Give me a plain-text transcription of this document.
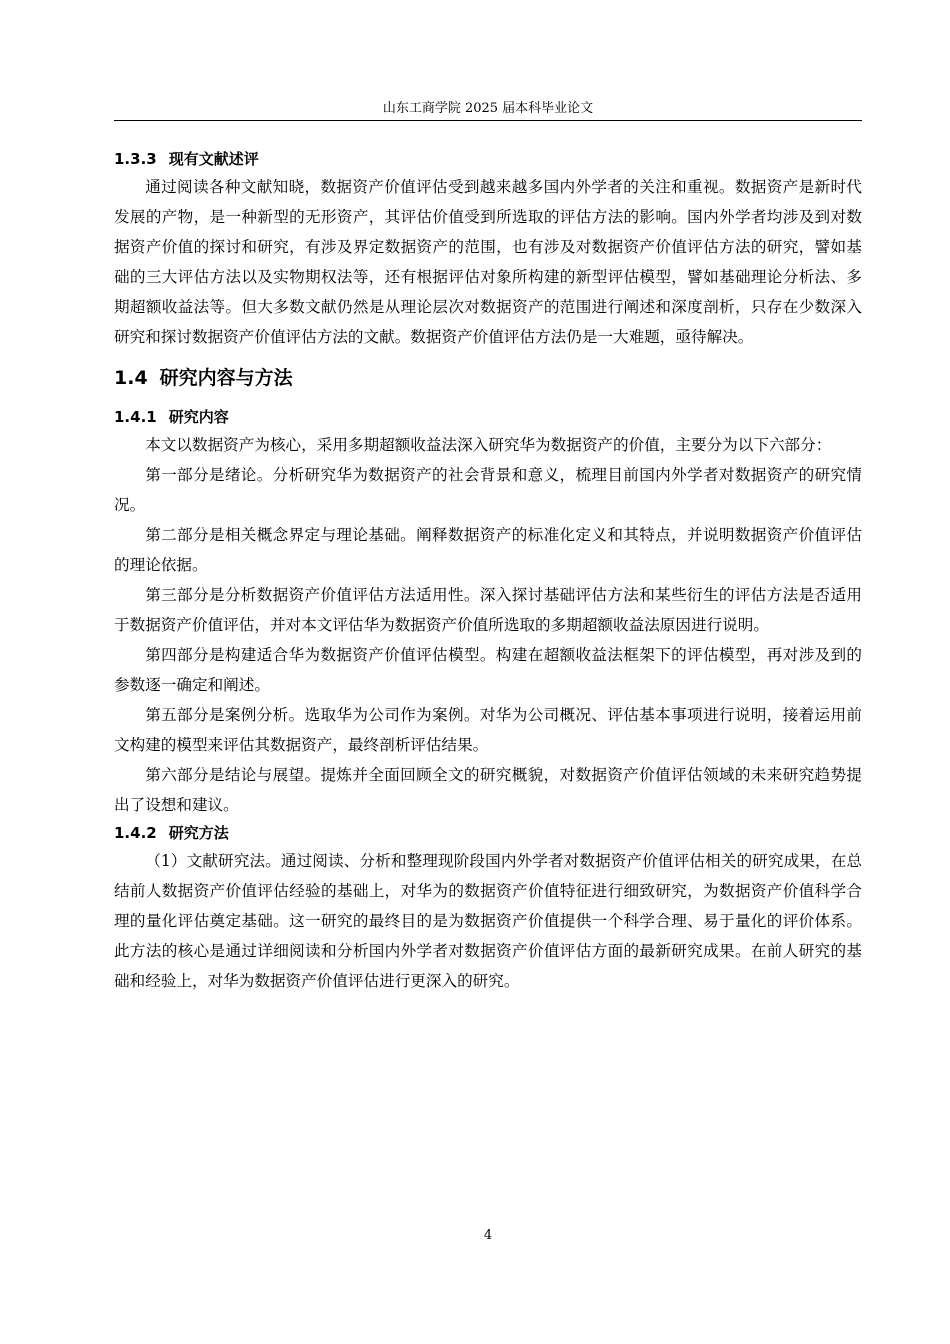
山东工商学院 2025 届本科毕业论文
1.3.3 现有文献述评

通过阅读各种文献知晓，数据资产价值评估受到越来越多国内外学者的关注和重视。数据资产是新时代发展的产物，是一种新型的无形资产，其评估价值受到所选取的评估方法的影响。国内外学者均涉及到对数据资产价值的探讨和研究，有涉及界定数据资产的范围，也有涉及对数据资产价值评估方法的研究，譬如基础的三大评估方法以及实物期权法等，还有根据评估对象所构建的新型评估模型，譬如基础理论分析法、多期超额收益法等。但大多数文献仍然是从理论层次对数据资产的范围进行阐述和深度剖析，只存在少数深入研究和探讨数据资产价值评估方法的文献。数据资产价值评估方法仍是一大难题，亟待解决。

1.4 研究内容与方法
1.4.1 研究内容

本文以数据资产为核心，采用多期超额收益法深入研究华为数据资产的价值，主要分为以下六部分：

第一部分是绪论。分析研究华为数据资产的社会背景和意义，梳理目前国内外学者对数据资产的研究情况。

第二部分是相关概念界定与理论基础。阐释数据资产的标准化定义和其特点，并说明数据资产价值评估的理论依据。

第三部分是分析数据资产价值评估方法适用性。深入探讨基础评估方法和某些衍生的评估方法是否适用于数据资产价值评估，并对本文评估华为数据资产价值所选取的多期超额收益法原因进行说明。

第四部分是构建适合华为数据资产价值评估模型。构建在超额收益法框架下的评估模型，再对涉及到的参数逐一确定和阐述。

第五部分是案例分析。选取华为公司作为案例。对华为公司概况、评估基本事项进行说明，接着运用前文构建的模型来评估其数据资产，最终剖析评估结果。

第六部分是结论与展望。提炼并全面回顾全文的研究概貌，对数据资产价值评估领域的未来研究趋势提出了设想和建议。

1.4.2 研究方法

（1）文献研究法。通过阅读、分析和整理现阶段国内外学者对数据资产价值评估相关的研究成果，在总结前人数据资产价值评估经验的基础上，对华为的数据资产价值特征进行细致研究，为数据资产价值科学合理的量化评估奠定基础。这一研究的最终目的是为数据资产价值提供一个科学合理、易于量化的评价体系。此方法的核心是通过详细阅读和分析国内外学者对数据资产价值评估方面的最新研究成果。在前人研究的基础和经验上，对华为数据资产价值评估进行更深入的研究。

4
